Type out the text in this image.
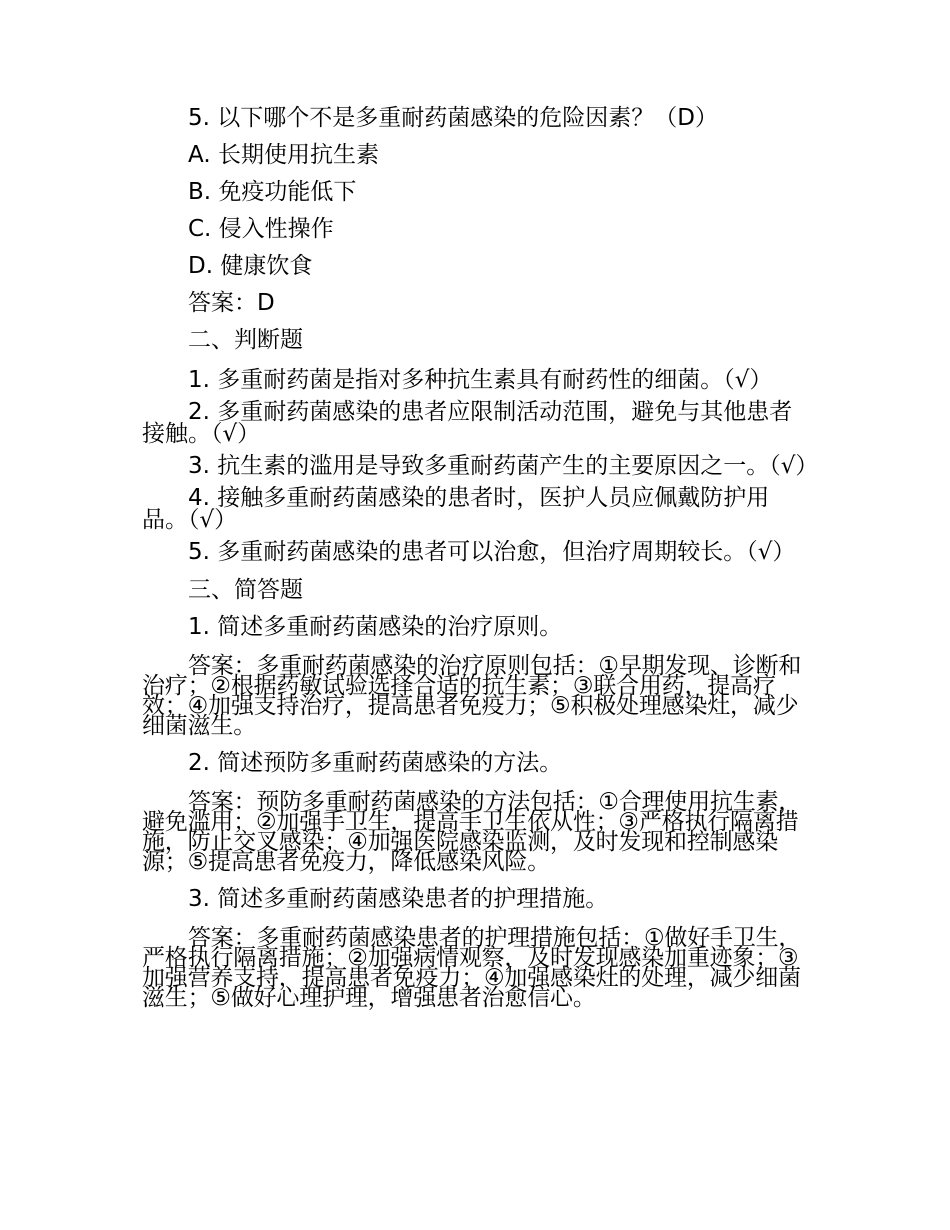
5. 以下哪个不是多重耐药菌感染的危险因素？（D）

A. 长期使用抗生素

B. 免疫功能低下

C. 侵入性操作

D. 健康饮食

答案：D

二、判断题

1. 多重耐药菌是指对多种抗生素具有耐药性的细菌。（√）

2. 多重耐药菌感染的患者应限制活动范围，避免与其他患者接触。（√）

3. 抗生素的滥用是导致多重耐药菌产生的主要原因之一。（√）

4. 接触多重耐药菌感染的患者时，医护人员应佩戴防护用品。（√）

5. 多重耐药菌感染的患者可以治愈，但治疗周期较长。（√）

三、简答题

1. 简述多重耐药菌感染的治疗原则。

答案：多重耐药菌感染的治疗原则包括：①早期发现、诊断和治疗；②根据药敏试验选择合适的抗生素；③联合用药，提高疗效；④加强支持治疗，提高患者免疫力；⑤积极处理感染灶，减少细菌滋生。

2. 简述预防多重耐药菌感染的方法。

答案：预防多重耐药菌感染的方法包括：①合理使用抗生素，避免滥用；②加强手卫生，提高手卫生依从性；③严格执行隔离措施，防止交叉感染；④加强医院感染监测，及时发现和控制感染源；⑤提高患者免疫力，降低感染风险。

3. 简述多重耐药菌感染患者的护理措施。

答案：多重耐药菌感染患者的护理措施包括：①做好手卫生，严格执行隔离措施；②加强病情观察，及时发现感染加重迹象；③加强营养支持，提高患者免疫力；④加强感染灶的处理，减少细菌滋生；⑤做好心理护理，增强患者治愈信心。
